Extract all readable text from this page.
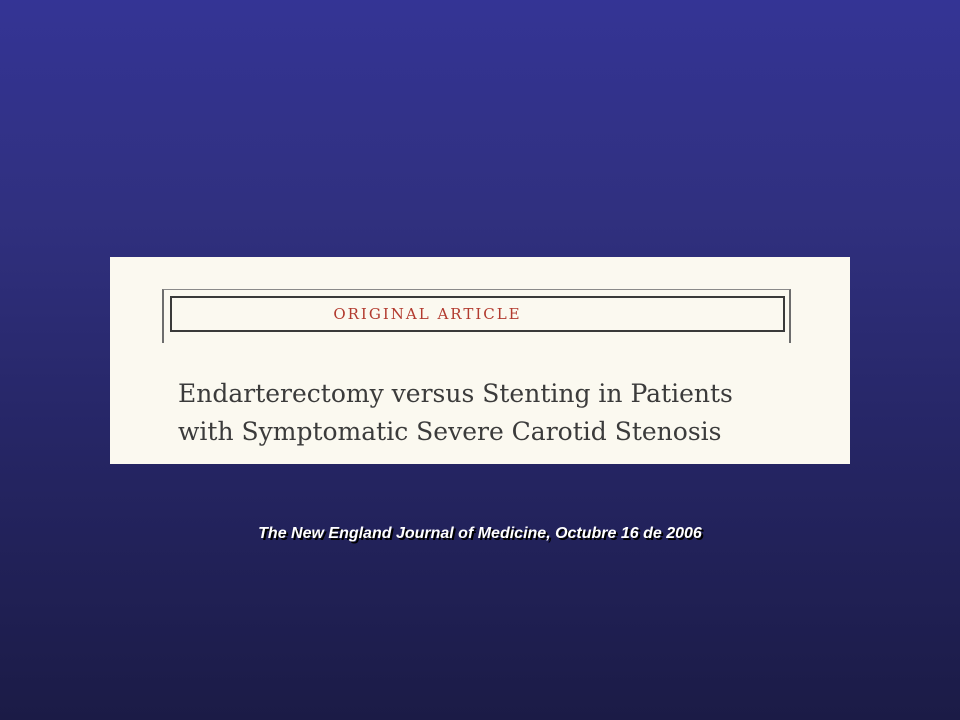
ORIGINAL ARTICLE
Endarterectomy versus Stenting in Patients
with Symptomatic Severe Carotid Stenosis
The New England Journal of Medicine, Octubre 16 de 2006
